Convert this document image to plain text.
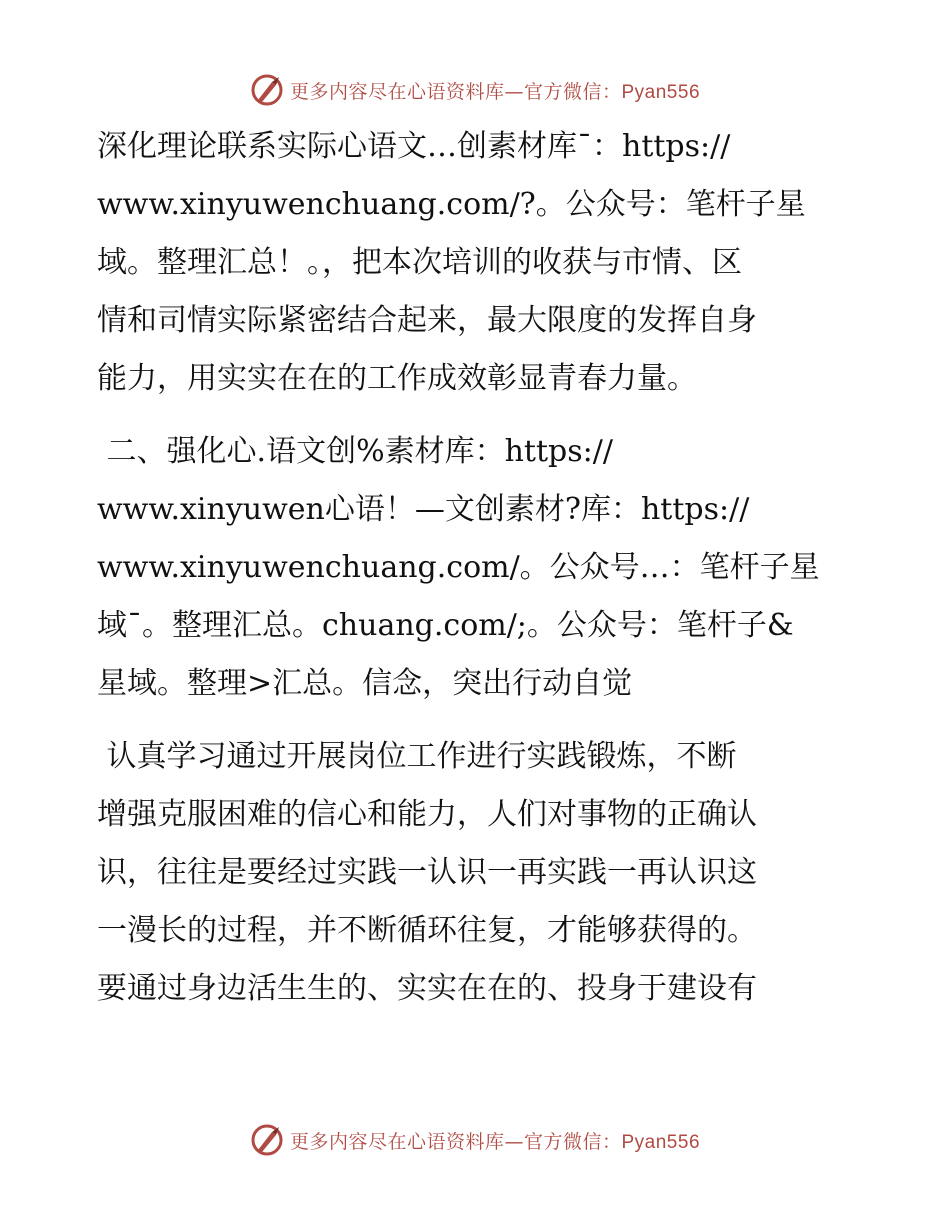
更多内容尽在心语资料库—官方微信：Pyan556
深化理论联系实际心语文…创素材库¯：https://
www.xinyuwenchuang.com/?。公众号：笔杆子星
域。整理汇总！。，把本次培训的收获与市情、区
情和司情实际紧密结合起来，最大限度的发挥自身
能力，用实实在在的工作成效彰显青春力量。
二、强化心.语文创%素材库：https://
www.xinyuwen心语！—文创素材?库：https://
www.xinyuwenchuang.com/。公众号…：笔杆子星
域¯。整理汇总。chuang.com/;。公众号：笔杆子&
星域。整理>汇总。信念，突出行动自觉
认真学习通过开展岗位工作进行实践锻炼，不断
增强克服困难的信心和能力，人们对事物的正确认
识，往往是要经过实践一认识一再实践一再认识这
一漫长的过程，并不断循环往复，才能够获得的。
要通过身边活生生的、实实在在的、投身于建设有
更多内容尽在心语资料库—官方微信：Pyan556
